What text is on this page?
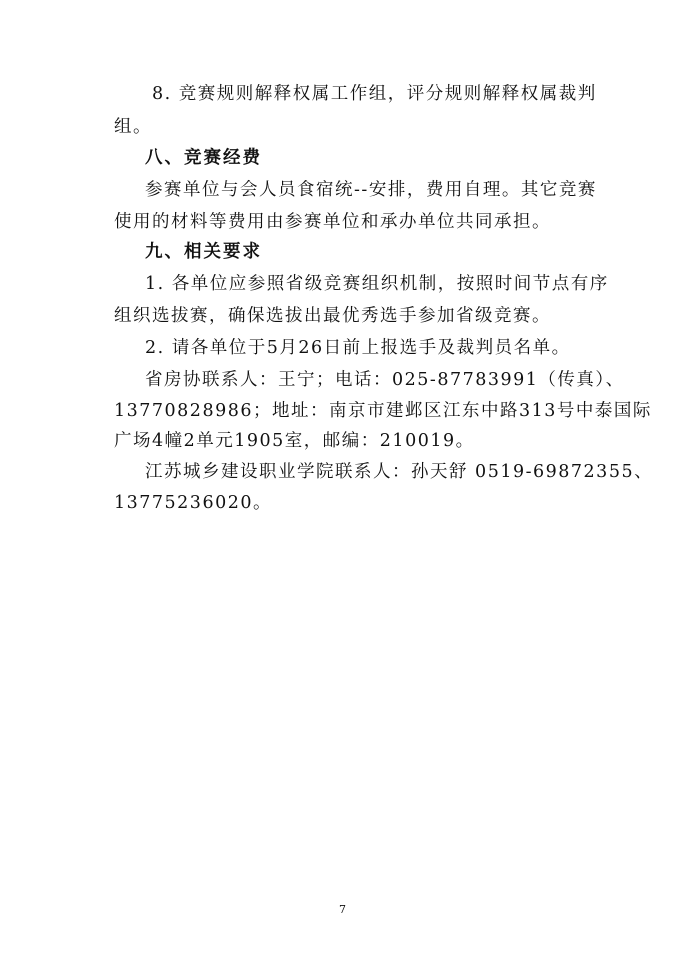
8. 竞赛规则解释权属工作组，评分规则解释权属裁判
组。
八、竞赛经费
参赛单位与会人员食宿统--安排，费用自理。其它竞赛
使用的材料等费用由参赛单位和承办单位共同承担。
九、相关要求
1. 各单位应参照省级竞赛组织机制，按照时间节点有序
组织选拔赛，确保选拔出最优秀选手参加省级竞赛。
2. 请各单位于5月26日前上报选手及裁判员名单。
省房协联系人：王宁；电话：025-87783991（传真）、
13770828986；地址：南京市建邺区江东中路313号中泰国际
广场4幢2单元1905室，邮编：210019。
江苏城乡建设职业学院联系人：孙天舒 0519-69872355、
13775236020。
7
